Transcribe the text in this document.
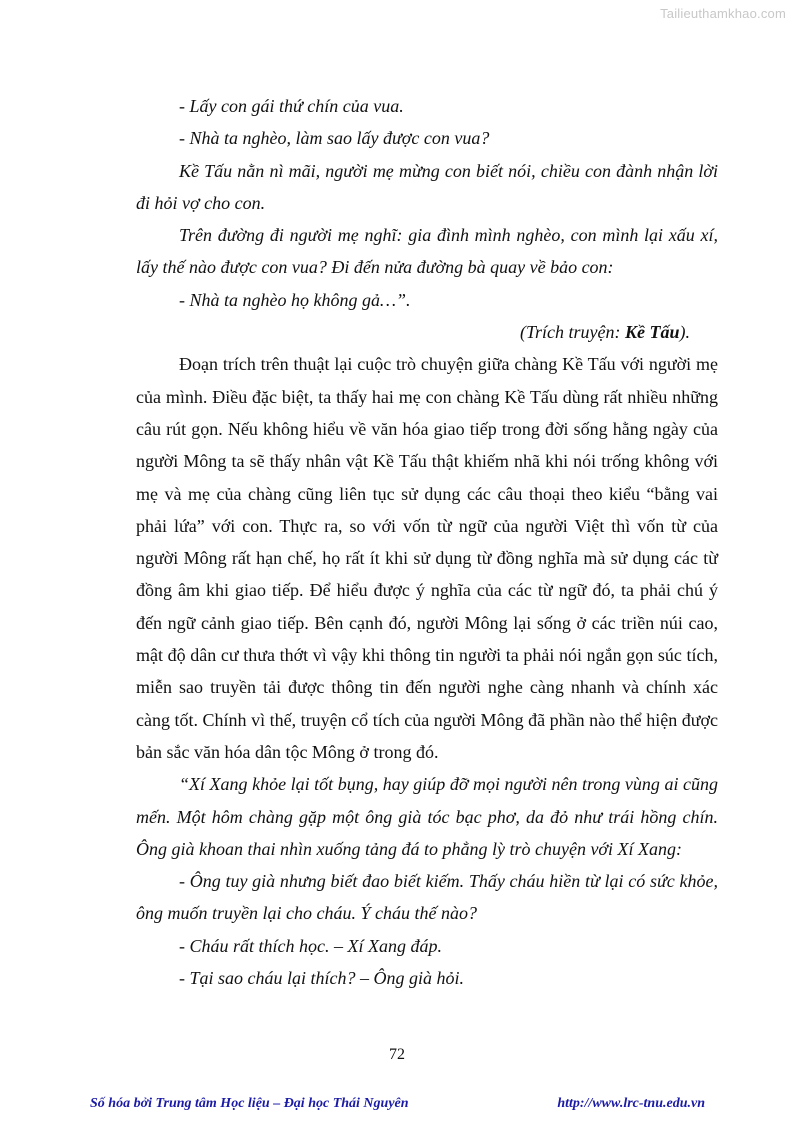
Tailieuthamkhao.com

- Lấy con gái thứ chín của vua.

- Nhà ta nghèo, làm sao lấy được con vua?

Kề Tấu nằn nì mãi, người mẹ mừng con biết nói, chiều con đành nhận lời đi hỏi vợ cho con.

Trên đường đi người mẹ nghĩ: gia đình mình nghèo, con mình lại xấu xí, lấy thế nào được con vua? Đi đến nửa đường bà quay về bảo con:

- Nhà ta nghèo họ không gả…”.

(Trích truyện: Kề Tấu).

Đoạn trích trên thuật lại cuộc trò chuyện giữa chàng Kề Tấu với người mẹ của mình. Điều đặc biệt, ta thấy hai mẹ con chàng Kề Tấu dùng rất nhiều những câu rút gọn. Nếu không hiểu về văn hóa giao tiếp trong đời sống hằng ngày của người Mông ta sẽ thấy nhân vật Kề Tấu thật khiếm nhã khi nói trống không với mẹ và mẹ của chàng cũng liên tục sử dụng các câu thoại theo kiểu “bằng vai phải lứa” với con. Thực ra, so với vốn từ ngữ của người Việt thì vốn từ của người Mông rất hạn chế, họ rất ít khi sử dụng từ đồng nghĩa mà sử dụng các từ đồng âm khi giao tiếp. Để hiểu được ý nghĩa của các từ ngữ đó, ta phải chú ý đến ngữ cảnh giao tiếp. Bên cạnh đó, người Mông lại sống ở các triền núi cao, mật độ dân cư thưa thớt vì vậy khi thông tin người ta phải nói ngắn gọn súc tích, miễn sao truyền tải được thông tin đến người nghe càng nhanh và chính xác càng tốt. Chính vì thế, truyện cổ tích của người Mông đã phần nào thể hiện được bản sắc văn hóa dân tộc Mông ở trong đó.

“Xí Xang khỏe lại tốt bụng, hay giúp đỡ mọi người nên trong vùng ai cũng mến. Một hôm chàng gặp một ông già tóc bạc phơ, da đỏ như trái hồng chín. Ông già khoan thai nhìn xuống tảng đá to phẳng lỳ trò chuyện với Xí Xang:

- Ông tuy già nhưng biết đao biết kiếm. Thấy cháu hiền từ lại có sức khỏe, ông muốn truyền lại cho cháu. Ý cháu thế nào?

- Cháu rất thích học. – Xí Xang đáp.

- Tại sao cháu lại thích? – Ông già hỏi.

72
Số hóa bởi Trung tâm Học liệu – Đại học Thái Nguyên	http://www.lrc-tnu.edu.vn
